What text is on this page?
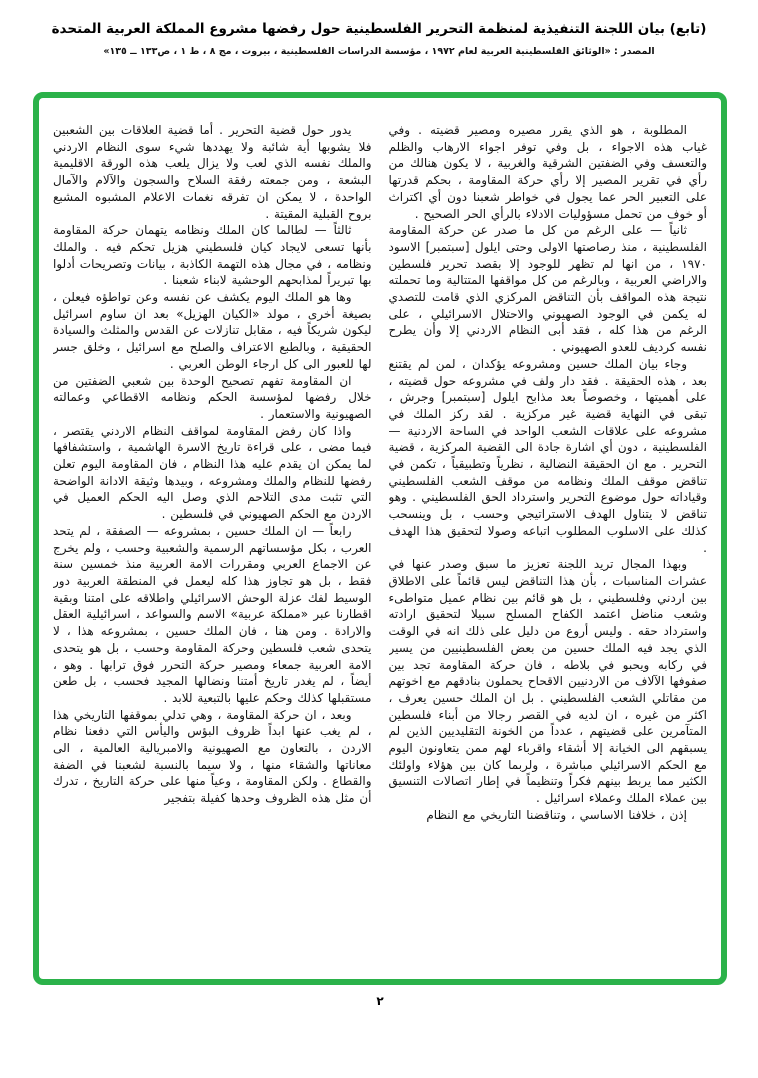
(تابع) بيان اللجنة التنفيذية لمنظمة التحرير الفلسطينية حول رفضها مشروع المملكة العربية المتحدة
المصدر : «الوثائق الفلسطينية العربية لعام ١٩٧٢ ، مؤسسة الدراسات الفلسطينية ، بيروت ، مج ٨ ، ط ١ ، ص١٣٣ ــ ١٣٥»

المطلوبة ، هو الذي يقرر مصيره ومصير قضيته . وفي غياب هذه الاجواء ، بل وفي توفر اجواء الارهاب والظلم والتعسف وفي الضفتين الشرقية والغربية ، لا يكون هنالك من رأي في تقرير المصير إلا رأي حركة المقاومة ، بحكم قدرتها على التعبير الحر عما يجول في خواطر شعبنا دون أي اكتراث أو خوف من تحمل مسؤوليات الادلاء بالرأي الحر الصحيح .

ثانياً — على الرغم من كل ما صدر عن حركة المقاومة الفلسطينية ، منذ رصاصتها الاولى وحتى ايلول [سبتمبر] الاسود ١٩٧٠ ، من انها لم تظهر للوجود إلا بقصد تحرير فلسطين والاراضي العربية ، وبالرغم من كل مواقفها المتتالية وما تحملته نتيجة هذه المواقف بأن التناقض المركزي الذي قامت للتصدي له يكمن في الوجود الصهيوني والاحتلال الاسرائيلي ، على الرغم من هذا كله ، فقد أبى النظام الاردني إلا وأن يطرح نفسه كرديف للعدو الصهيوني .

وجاء بيان الملك حسين ومشروعه يؤكدان ، لمن لم يقتنع بعد ، هذه الحقيقة . فقد دار ولف في مشروعه حول قضيته ، على أهميتها ، وخصوصاً بعد مذابح ايلول [سبتمبر] وجرش ، تبقى في النهاية قضية غير مركزية . لقد ركز الملك في مشروعه على علاقات الشعب الواحد في الساحة الاردنية — الفلسطينية ، دون أي اشارة جادة الى القضية المركزية ، قضية التحرير . مع ان الحقيقة النضالية ، نظرياً وتطبيقياً ، تكمن في تناقض موقف الملك ونظامه من موقف الشعب الفلسطيني وقياداته حول موضوع التحرير واسترداد الحق الفلسطيني . وهو تناقض لا يتناول الهدف الاستراتيجي وحسب ، بل وينسحب كذلك على الاسلوب المطلوب اتباعه وصولا لتحقيق هذا الهدف .

وبهذا المجال تريد اللجنة تعزيز ما سبق وصدر عنها في عشرات المناسبات ، بأن هذا التناقض ليس قائماً على الاطلاق بين اردني وفلسطيني ، بل هو قائم بين نظام عميل متواطىء وشعب مناضل اعتمد الكفاح المسلح سبيلا لتحقيق ارادته واسترداد حقه . وليس أروع من دليل على ذلك انه في الوقت الذي يجد فيه الملك حسين من بعض الفلسطينيين من يسير في ركابه ويحبو في بلاطه ، فان حركة المقاومة تجد بين صفوفها الآلاف من الاردنيين الاقحاح يحملون بنادقهم مع اخوتهم من مقاتلي الشعب الفلسطيني . بل ان الملك حسين يعرف ، اكثر من غيره ، ان لديه في القصر رجالا من أبناء فلسطين المتآمرين على قضيتهم ، عدداً من الخونة التقليديين الذين لم يسبقهم الى الخيانة إلا أشقاء واقرباء لهم ممن يتعاونون اليوم مع الحكم الاسرائيلي مباشرة ، ولربما كان بين هؤلاء واولئك الكثير مما يربط بينهم فكراً وتنظيماً في إطار اتصالات التنسيق بين عملاء الملك وعملاء اسرائيل .

إذن ، خلافنا الاساسي ، وتناقضنا التاريخي مع النظام

يدور حول قضية التحرير . أما قضية العلاقات بين الشعبين فلا يشوبها أية شائبة ولا يهددها شيء سوى النظام الاردني والملك نفسه الذي لعب ولا يزال يلعب هذه الورقة الاقليمية البشعة ، ومن جمعته رفقة السلاح والسجون والآلام والآمال الواحدة ، لا يمكن ان تفرقه نغمات الاعلام المشبوه المشبع بروح القبلية المقيتة .

ثالثاً — لطالما كان الملك ونظامه يتهمان حركة المقاومة بأنها تسعى لايجاد كيان فلسطيني هزيل تحكم فيه . والملك ونظامه ، في مجال هذه التهمة الكاذبة ، بيانات وتصريحات أدلوا بها تبريراً لمذابحهم الوحشية لابناء شعبنا .

وها هو الملك اليوم يكشف عن نفسه وعن تواطؤه فيعلن ، بصيغة أخرى ، مولد «الكيان الهزيل» بعد ان ساوم اسرائيل ليكون شريكاً فيه ، مقابل تنازلات عن القدس والمثلث والسيادة الحقيقية ، وبالطبع الاعتراف والصلح مع اسرائيل ، وخلق جسر لها للعبور الى كل ارجاء الوطن العربي .

ان المقاومة تفهم تصحيح الوحدة بين شعبي الضفتين من خلال رفضها لمؤسسة الحكم ونظامه الاقطاعي وعمالته الصهيونية والاستعمار .

واذا كان رفض المقاومة لمواقف النظام الاردني يقتصر ، فيما مضى ، على قراءة تاريخ الاسرة الهاشمية ، واستشفافها لما يمكن ان يقدم عليه هذا النظام ، فان المقاومة اليوم تعلن رفضها للنظام والملك ومشروعه ، وبيدها وثيقة الادانة الواضحة التي تثبت مدى التلاحم الذي وصل اليه الحكم العميل في الاردن مع الحكم الصهيوني في فلسطين .

رابعاً — ان الملك حسين ، بمشروعه — الصفقة ، لم يتحد العرب ، بكل مؤسساتهم الرسمية والشعبية وحسب ، ولم يخرج عن الاجماع العربي ومقررات الامة العربية منذ خمسين سنة فقط ، بل هو تجاوز هذا كله ليعمل في المنطقة العربية دور الوسيط لفك عزلة الوحش الاسرائيلي واطلاقه على امتنا وبقية اقطارنا عبر «مملكة عربية» الاسم والسواعد ، اسرائيلية العقل والارادة . ومن هنا ، فان الملك حسين ، بمشروعه هذا ، لا يتحدى شعب فلسطين وحركة المقاومة وحسب ، بل هو يتحدى الامة العربية جمعاء ومصير حركة التحرر فوق ترابها . وهو ، أيضاً ، لم يغدر تاريخ أمتنا ونضالها المجيد فحسب ، بل طعن مستقبلها كذلك وحكم عليها بالتبعية للابد .

وبعد ، ان حركة المقاومة ، وهي تدلي بموقفها التاريخي هذا ، لم يغب عنها ابداً ظروف البؤس واليأس التي دفعنا نظام الاردن ، بالتعاون مع الصهيونية والامبريالية العالمية ، الى معاناتها والشقاء منها ، ولا سيما بالنسبة لشعبنا في الضفة والقطاع . ولكن المقاومة ، وعياً منها على حركة التاريخ ، تدرك أن مثل هذه الظروف وحدها كفيلة بتفجير

٢
